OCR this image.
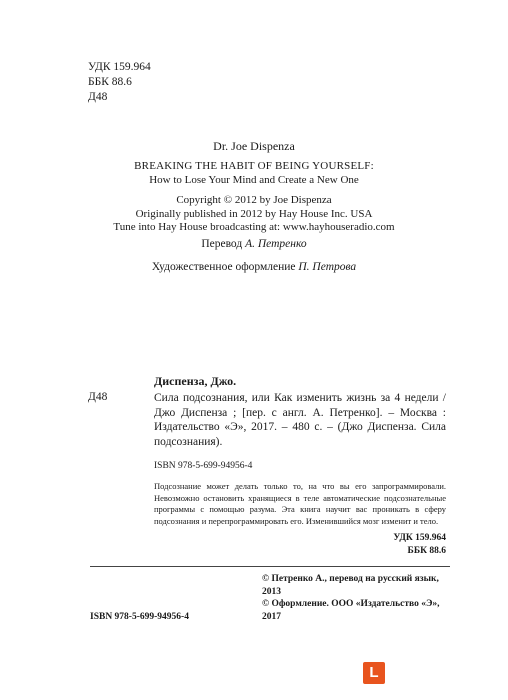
УДК 159.964
ББК 88.6
Д48
Dr. Joe Dispenza
BREAKING THE HABIT OF BEING YOURSELF:
How to Lose Your Mind and Create a New One
Copyright © 2012 by Joe Dispenza
Originally published in 2012 by Hay House Inc. USA
Tune into Hay House broadcasting at: www.hayhouseradio.com
Перевод А. Петренко
Художественное оформление П. Петрова
Диспенза, Джо.
Д48	Сила подсознания, или Как изменить жизнь за 4 недели / Джо Диспенза ; [пер. с англ. А. Петренко]. – Москва : Издательство «Э», 2017. – 480 с. – (Джо Диспенза. Сила подсознания).
ISBN 978-5-699-94956-4
Подсознание может делать только то, на что вы его запрограммировали. Невозможно остановить хранящиеся в теле автоматические подсознательные программы с помощью разума. Эта книга научит вас проникать в сферу подсознания и перепрограммировать его. Изменившийся мозг изменит и тело.
УДК 159.964
ББК 88.6
© Петренко А., перевод на русский язык, 2013
© Оформление. ООО «Издательство «Э», 2017
ISBN 978-5-699-94956-4
L
